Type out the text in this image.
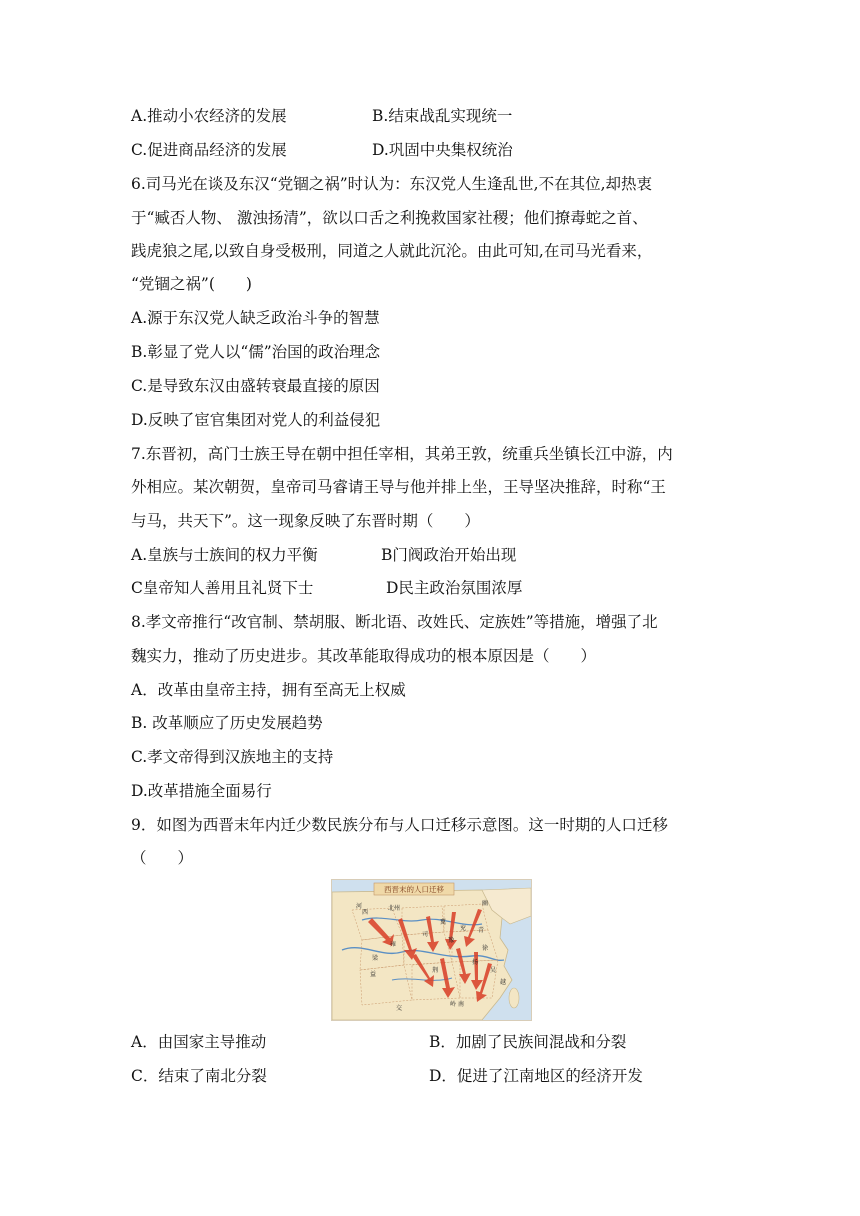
A.推动小农经济的发展	B.结束战乱实现统一
C.促进商品经济的发展	D.巩固中央集权统治
6.司马光在谈及东汉“党锢之祸”时认为：东汉党人生逢乱世,不在其位,却热衷
于“臧否人物、 激浊扬清”，欲以口舌之利挽救国家社稷；他们撩毒蛇之首、
践虎狼之尾,以致自身受极刑，同道之人就此沉沦。由此可知,在司马光看来，
“党锢之祸”(　　)
A.源于东汉党人缺乏政治斗争的智慧
B.彰显了党人以“儒”治国的政治理念
C.是导致东汉由盛转衰最直接的原因
D.反映了宦官集团对党人的利益侵犯
7.东晋初，高门士族王导在朝中担任宰相，其弟王敦，统重兵坐镇长江中游，内
外相应。某次朝贺，皇帝司马睿请王导与他并排上坐，王导坚决推辞，时称“王
与马，共天下”。这一现象反映了东晋时期（　　）
A.皇族与士族间的权力平衡	B门阀政治开始出现
C皇帝知人善用且礼贤下士	D民主政治氛围浓厚
8.孝文帝推行“改官制、禁胡服、断北语、改姓氏、定族姓”等措施，增强了北
魏实力，推动了历史进步。其改革能取得成功的根本原因是（　　）
A．改革由皇帝主持，拥有至高无上权威
B. 改革顺应了历史发展趋势
C.孝文帝得到汉族地主的支持
D.改革措施全面易行
9．如图为西晋末年内迁少数民族分布与人口迁移示意图。这一时期的人口迁移
（　　）
西晋末的人口迁移
河
西
北 州
幽
冀
青
徐
司
荆	吴
越
岭 南
益
交
扬
兖
豫
雍
梁
A．由国家主导推动	B．加剧了民族间混战和分裂
C．结束了南北分裂	D．促进了江南地区的经济开发
